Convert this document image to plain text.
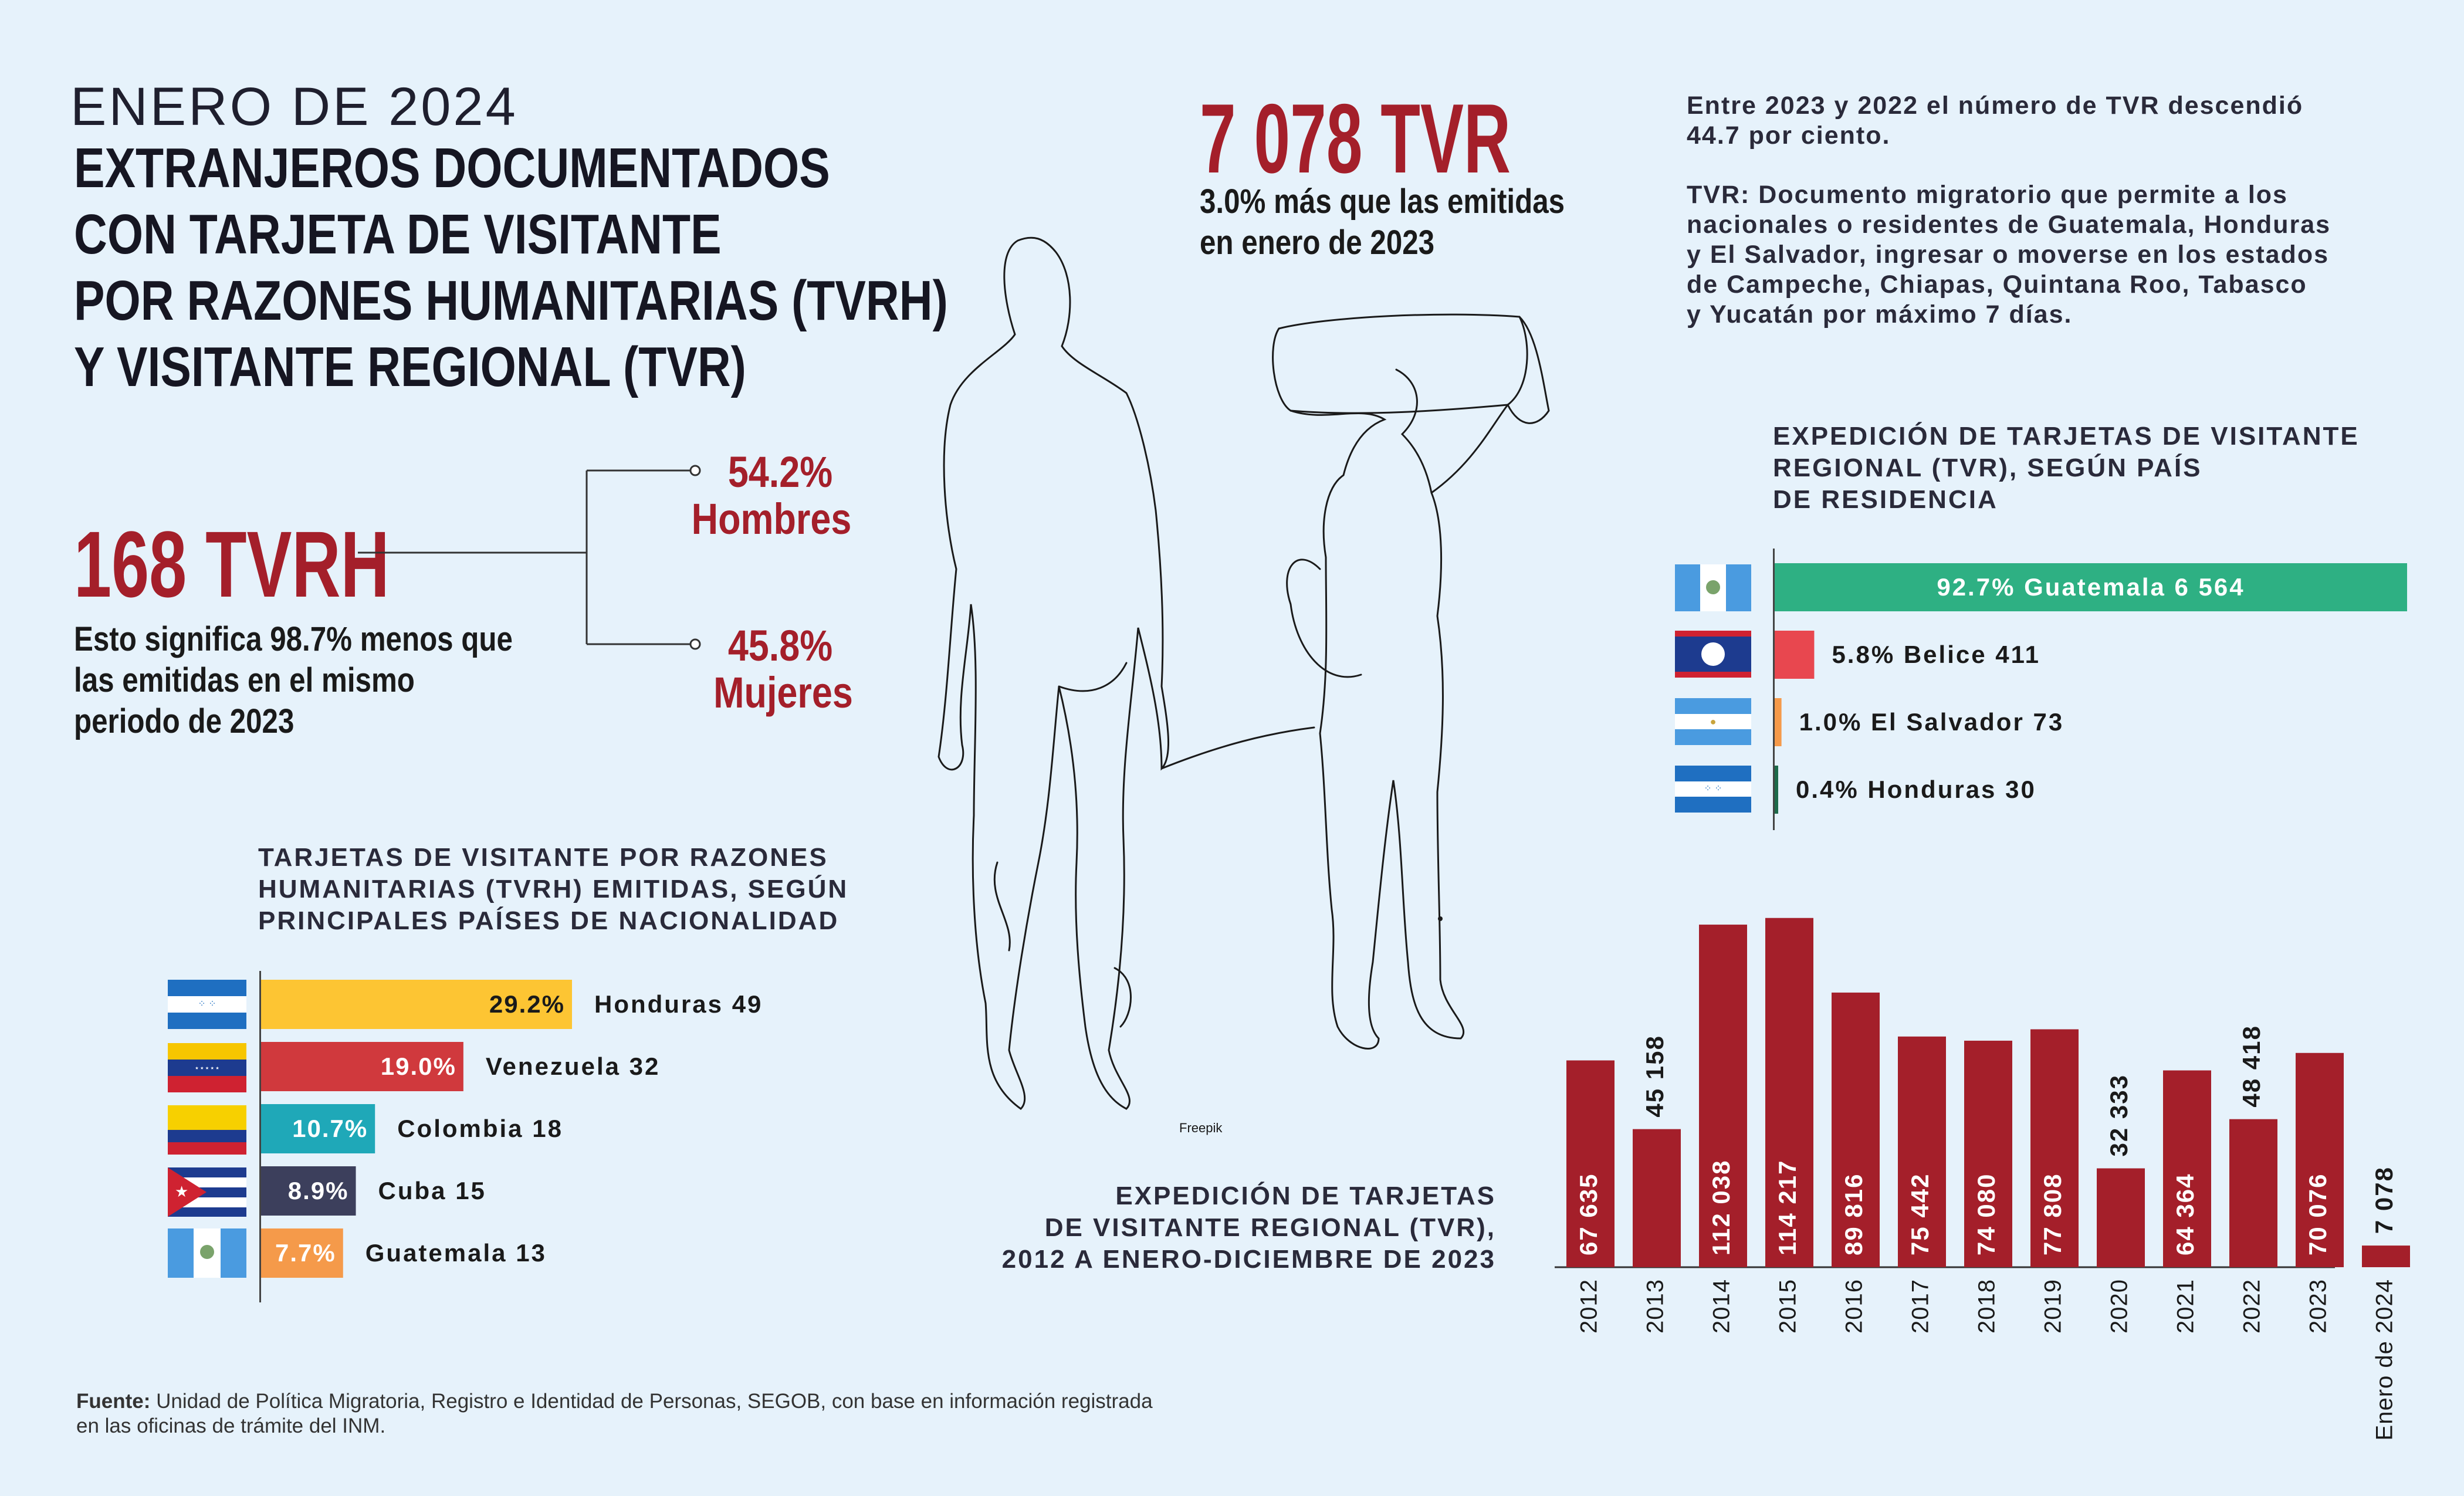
ENERO DE 2024
EXTRANJEROS DOCUMENTADOS
CON TARJETA DE VISITANTE
POR RAZONES HUMANITARIAS (TVRH)
Y VISITANTE REGIONAL (TVR)
168 TVRH
Esto significa 98.7% menos que
las emitidas en el mismo
periodo de 2023
54.2%
Hombres
45.8%
Mujeres
7 078 TVR
3.0% más que las emitidas
en enero de 2023
Entre 2023 y 2022 el número de TVR descendió
44.7 por ciento.
TVR: Documento migratorio que permite a los
nacionales o residentes de Guatemala, Honduras
y El Salvador, ingresar o moverse en los estados
de Campeche, Chiapas, Quintana Roo, Tabasco
y Yucatán por máximo 7 días.
Freepik
TARJETAS DE VISITANTE POR RAZONES
HUMANITARIAS (TVRH) EMITIDAS, SEGÚN
PRINCIPALES PAÍSES DE NACIONALIDAD
⁘ ⁘
⋆⋆⋆⋆⋆
★
29.2% Honduras 49
19.0% Venezuela 32
10.7% Colombia 18
8.9% Cuba 15
7.7% Guatemala 13
EXPEDICIÓN DE TARJETAS DE VISITANTE
REGIONAL (TVR), SEGÚN PAÍS
DE RESIDENCIA
●
⁘ ⁘
92.7% Guatemala 6 564
5.8% Belice 411
1.0% El Salvador 73
0.4% Honduras 30
EXPEDICIÓN DE TARJETAS
DE VISITANTE REGIONAL (TVR),
2012 A ENERO-DICIEMBRE DE 2023
67 635
2012
45 158
2013
112 038
2014
114 217
2015
89 816
2016
75 442
2017
74 080
2018
77 808
2019
32 333
2020
64 364
2021
48 418
2022
70 076
2023
7 078
Enero de 2024
Fuente: Unidad de Política Migratoria, Registro e Identidad de Personas, SEGOB, con base en información registrada
en las oficinas de trámite del INM.
